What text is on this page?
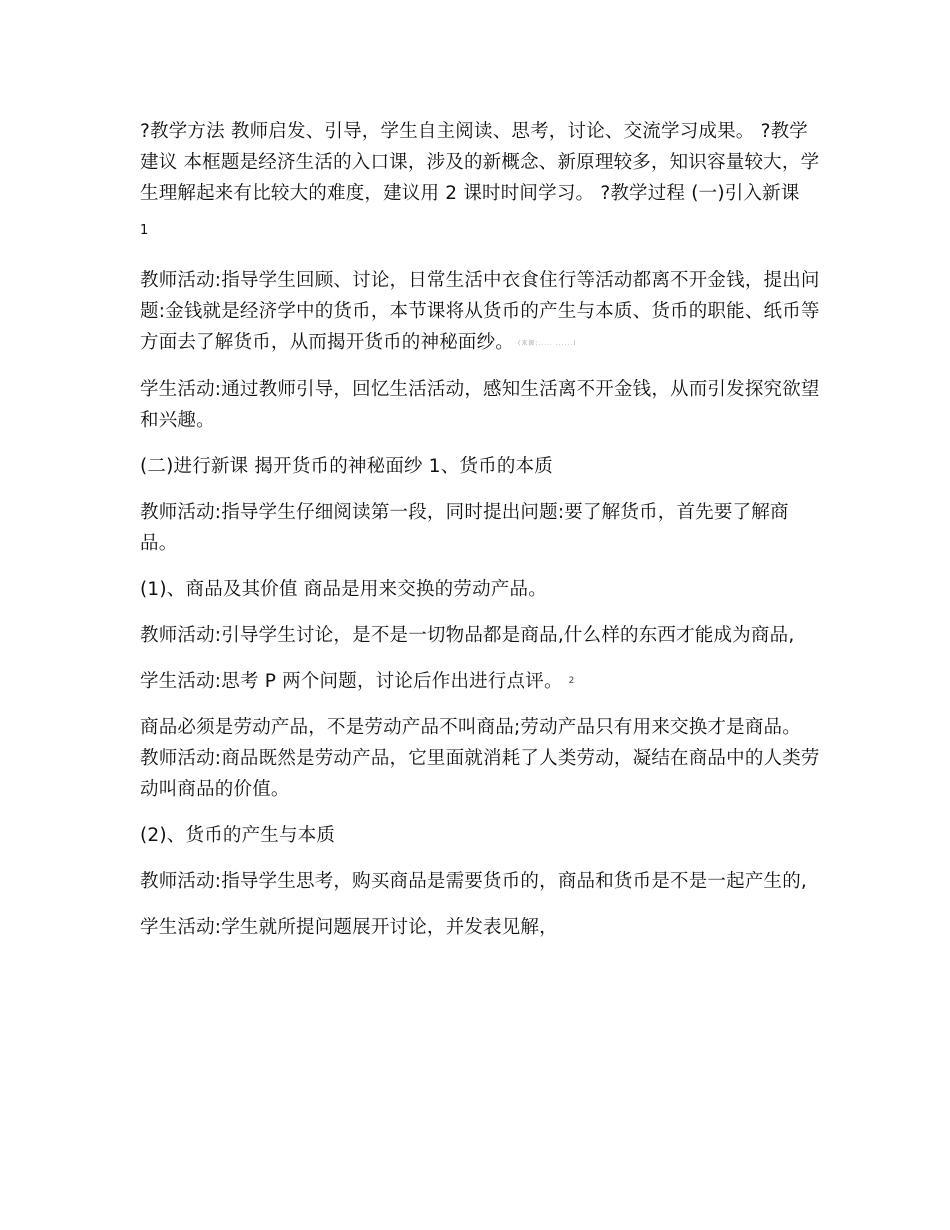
?教学方法 教师启发、引导，学生自主阅读、思考，讨论、交流学习成果。 ?教学建议 本框题是经济生活的入口课，涉及的新概念、新原理较多，知识容量较大，学生理解起来有比较大的难度，建议用 2 课时时间学习。 ?教学过程 (一)引入新课

1

教师活动:指导学生回顾、讨论，日常生活中衣食住行等活动都离不开金钱，提出问题:金钱就是经济学中的货币，本节课将从货币的产生与本质、货币的职能、纸币等方面去了解货币，从而揭开货币的神秘面纱。 (来源:..... ......)

学生活动:通过教师引导，回忆生活活动，感知生活离不开金钱，从而引发探究欲望和兴趣。

(二)进行新课 揭开货币的神秘面纱 1、货币的本质

教师活动:指导学生仔细阅读第一段，同时提出问题:要了解货币，首先要了解商品。

(1)、商品及其价值 商品是用来交换的劳动产品。

教师活动:引导学生讨论，是不是一切物品都是商品,什么样的东西才能成为商品,

学生活动:思考 P 两个问题，讨论后作出进行点评。 2

商品必须是劳动产品，不是劳动产品不叫商品;劳动产品只有用来交换才是商品。 教师活动:商品既然是劳动产品，它里面就消耗了人类劳动，凝结在商品中的人类劳动叫商品的价值。

(2)、货币的产生与本质

教师活动:指导学生思考，购买商品是需要货币的，商品和货币是不是一起产生的,

学生活动:学生就所提问题展开讨论，并发表见解，
